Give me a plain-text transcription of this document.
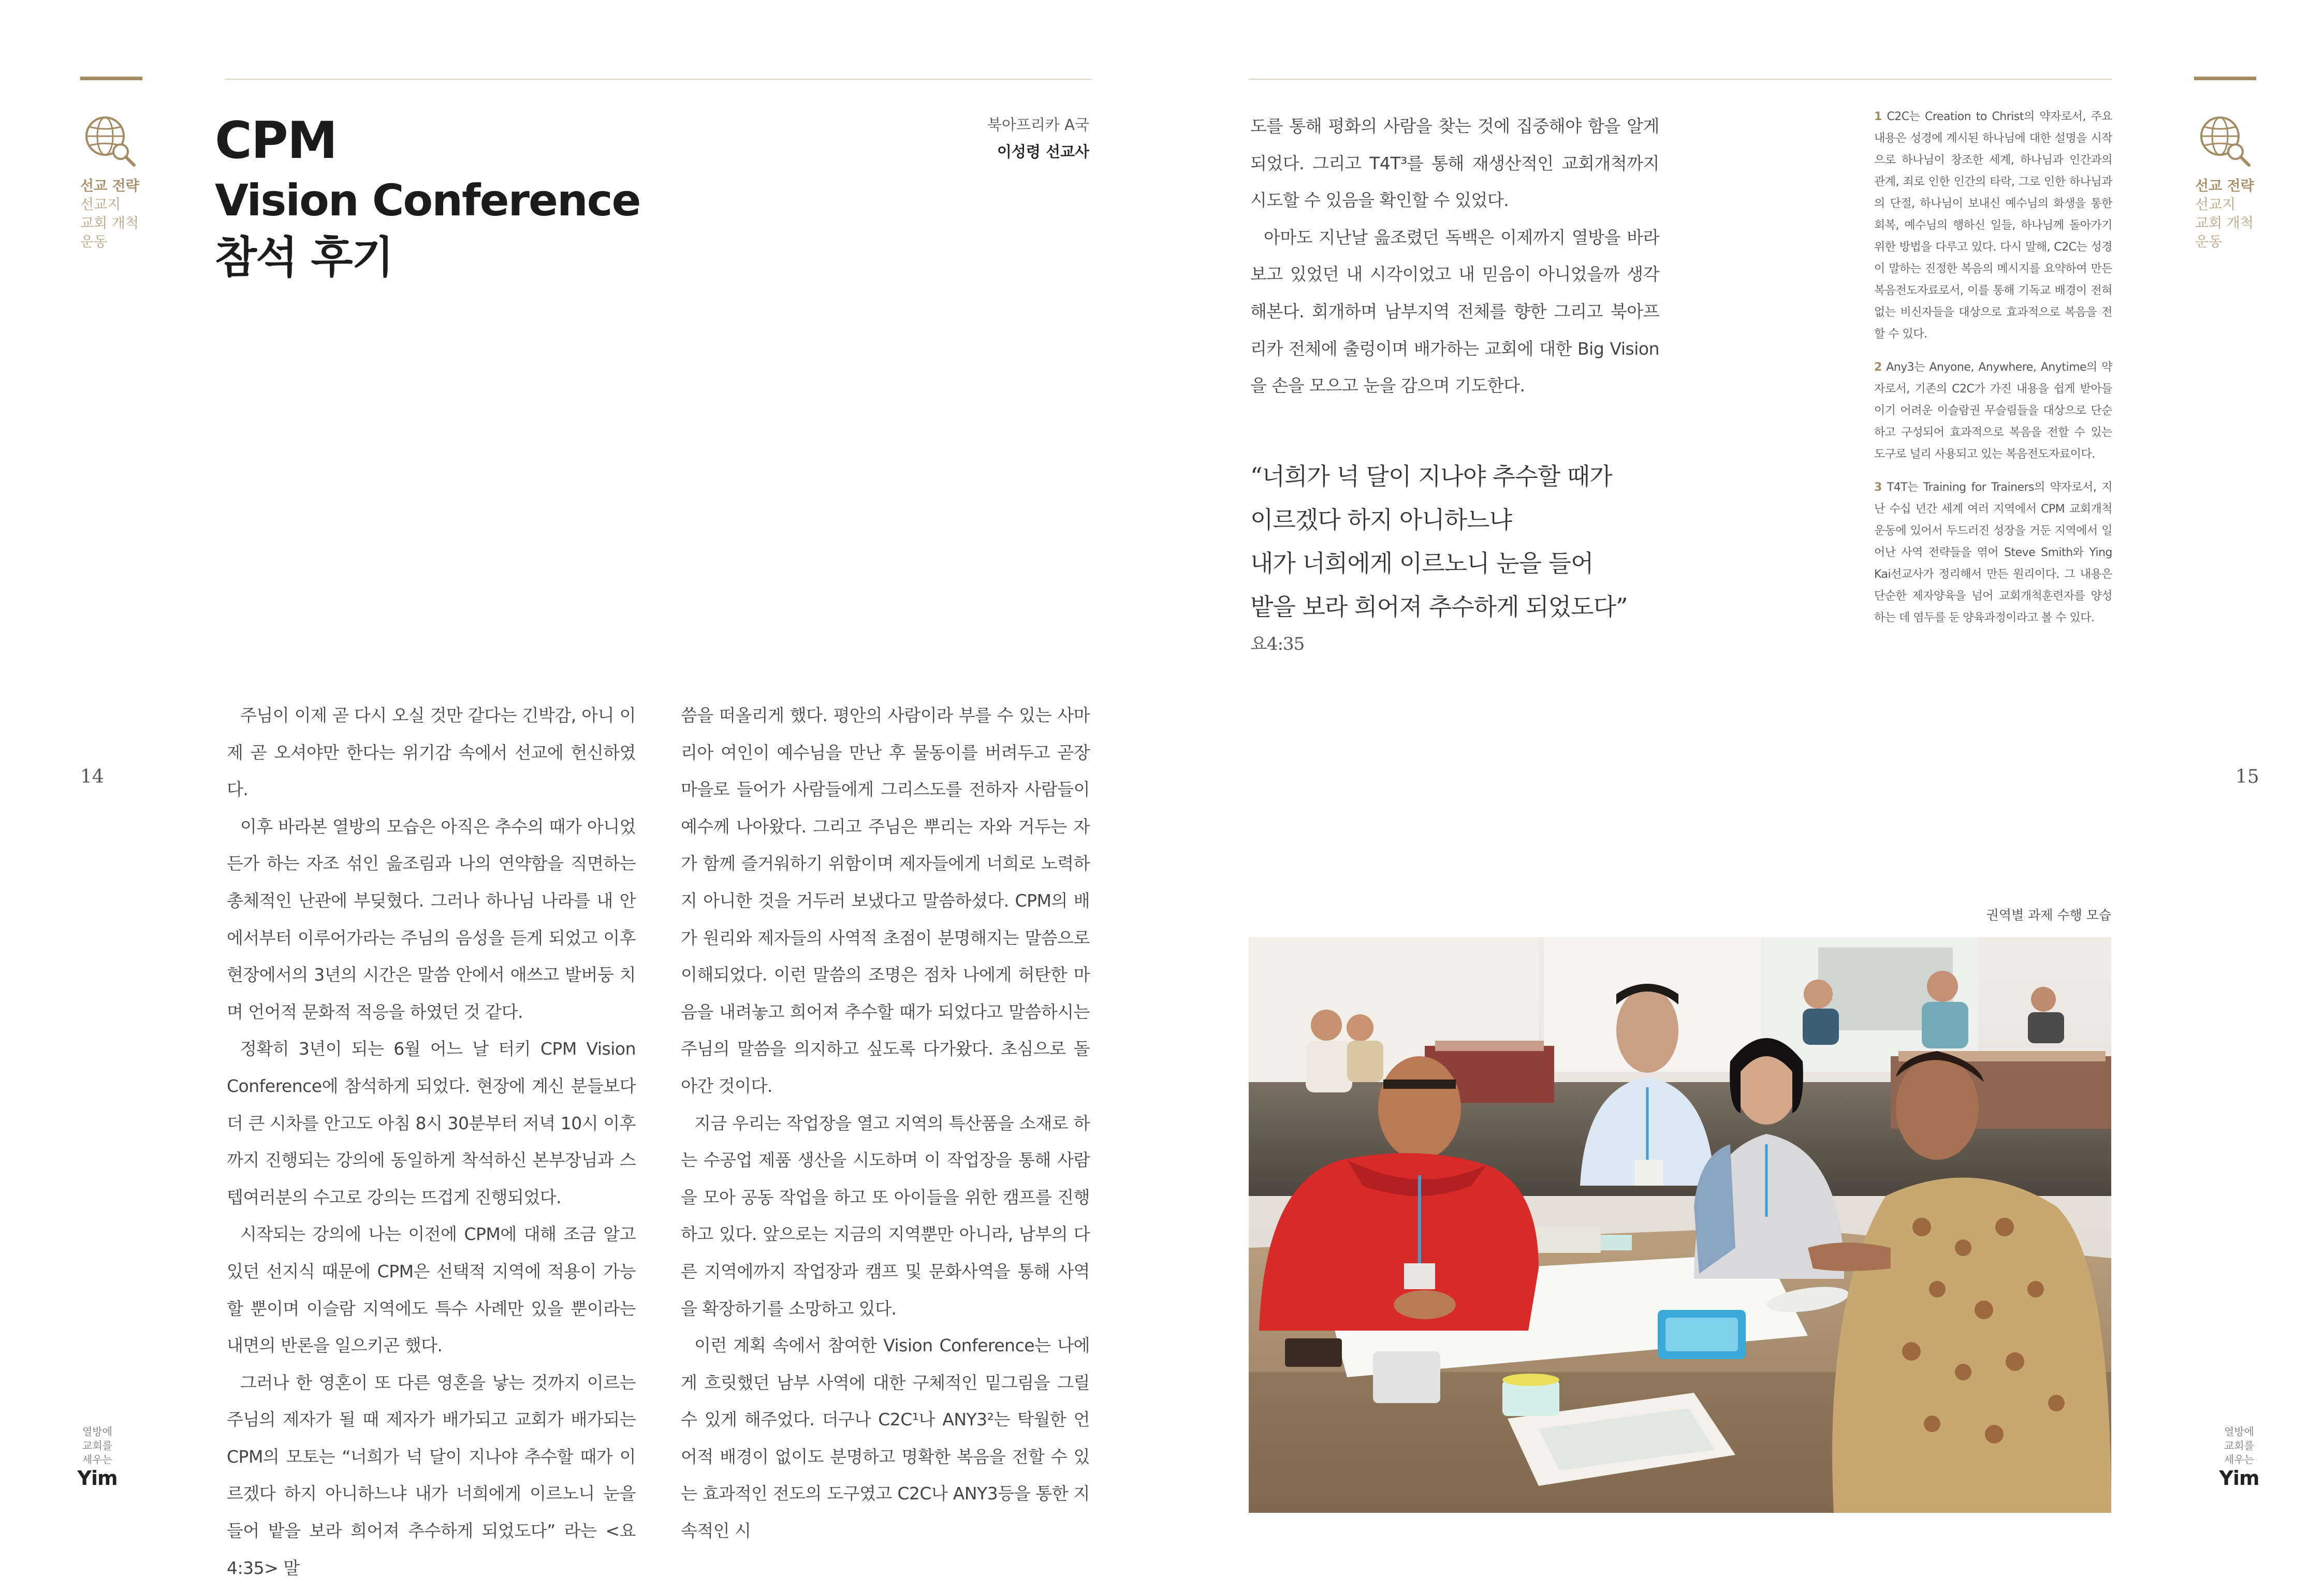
선교 전략
선교지
교회 개척
운동
CPM
Vision Conference
참석 후기
북아프리카 A국
이성령 선교사
14

주님이 이제 곧 다시 오실 것만 같다는 긴박감, 아니 이제 곧 오셔야만 한다는 위기감 속에서 선교에 헌신하였다.

이후 바라본 열방의 모습은 아직은 추수의 때가 아니었든가 하는 자조 섞인 읊조림과 나의 연약함을 직면하는 총체적인 난관에 부딪혔다. 그러나 하나님 나라를 내 안에서부터 이루어가라는 주님의 음성을 듣게 되었고 이후 현장에서의 3년의 시간은 말씀 안에서 애쓰고 발버둥 치며 언어적 문화적 적응을 하였던 것 같다.

정확히 3년이 되는 6월 어느 날 터키 CPM Vision Conference에 참석하게 되었다. 현장에 계신 분들보다 더 큰 시차를 안고도 아침 8시 30분부터 저녁 10시 이후까지 진행되는 강의에 동일하게 착석하신 본부장님과 스텝여러분의 수고로 강의는 뜨겁게 진행되었다.

시작되는 강의에 나는 이전에 CPM에 대해 조금 알고 있던 선지식 때문에 CPM은 선택적 지역에 적용이 가능할 뿐이며 이슬람 지역에도 특수 사례만 있을 뿐이라는 내면의 반론을 일으키곤 했다.

그러나 한 영혼이 또 다른 영혼을 낳는 것까지 이르는 주님의 제자가 될 때 제자가 배가되고 교회가 배가되는 CPM의 모토는 “너희가 넉 달이 지나야 추수할 때가 이르겠다 하지 아니하느냐 내가 너희에게 이르노니 눈을 들어 밭을 보라 희어져 추수하게 되었도다” 라는 <요4:35> 말

씀을 떠올리게 했다. 평안의 사람이라 부를 수 있는 사마리아 여인이 예수님을 만난 후 물동이를 버려두고 곧장 마을로 들어가 사람들에게 그리스도를 전하자 사람들이 예수께 나아왔다. 그리고 주님은 뿌리는 자와 거두는 자가 함께 즐거워하기 위함이며 제자들에게 너희로 노력하지 아니한 것을 거두러 보냈다고 말씀하셨다. CPM의 배가 원리와 제자들의 사역적 초점이 분명해지는 말씀으로 이해되었다. 이런 말씀의 조명은 점차 나에게 허탄한 마음을 내려놓고 희어져 추수할 때가 되었다고 말씀하시는 주님의 말씀을 의지하고 싶도록 다가왔다. 초심으로 돌아간 것이다.

지금 우리는 작업장을 열고 지역의 특산품을 소재로 하는 수공업 제품 생산을 시도하며 이 작업장을 통해 사람을 모아 공동 작업을 하고 또 아이들을 위한 캠프를 진행하고 있다. 앞으로는 지금의 지역뿐만 아니라, 남부의 다른 지역에까지 작업장과 캠프 및 문화사역을 통해 사역을 확장하기를 소망하고 있다.

이런 계획 속에서 참여한 Vision Conference는 나에게 흐릿했던 남부 사역에 대한 구체적인 밑그림을 그릴 수 있게 해주었다. 더구나 C2C¹나 ANY3²는 탁월한 언어적 배경이 없이도 분명하고 명확한 복음을 전할 수 있는 효과적인 전도의 도구였고 C2C나 ANY3등을 통한 지속적인 시

열방에
교회를
세우는
Yim
선교 전략
선교지
교회 개척
운동
15

도를 통해 평화의 사람을 찾는 것에 집중해야 함을 알게 되었다. 그리고 T4T³를 통해 재생산적인 교회개척까지 시도할 수 있음을 확인할 수 있었다.

아마도 지난날 읊조렸던 독백은 이제까지 열방을 바라보고 있었던 내 시각이었고 내 믿음이 아니었을까 생각해본다. 회개하며 남부지역 전체를 향한 그리고 북아프리카 전체에 출렁이며 배가하는 교회에 대한 Big Vision을 손을 모으고 눈을 감으며 기도한다.

“너희가 넉 달이 지나야 추수할 때가
이르겠다 하지 아니하느냐
내가 너희에게 이르노니 눈을 들어
밭을 보라 희어져 추수하게 되었도다”
요4:35

1 C2C는 Creation to Christ의 약자로서, 주요 내용은 성경에 계시된 하나님에 대한 설명을 시작으로 하나님이 창조한 세계, 하나님과 인간과의 관계, 죄로 인한 인간의 타락, 그로 인한 하나님과의 단절, 하나님이 보내신 예수님의 화생을 통한 회복, 예수님의 행하신 일들, 하나님께 돌아가기 위한 방법을 다루고 있다. 다시 말해, C2C는 성경이 말하는 진정한 복음의 메시지를 요약하여 만든 복음전도자료로서, 이를 통해 기독교 배경이 전혀 없는 비신자들을 대상으로 효과적으로 복음을 전할 수 있다.

2 Any3는 Anyone, Anywhere, Anytime의 약자로서, 기존의 C2C가 가진 내용을 쉽게 받아들이기 어려운 이슬람권 무슬림들을 대상으로 단순하고 구성되어 효과적으로 복음을 전할 수 있는 도구로 널리 사용되고 있는 복음전도자료이다.

3 T4T는 Training for Trainers의 약자로서, 지난 수십 년간 세계 여러 지역에서 CPM 교회개척운동에 있어서 두드러진 성장을 거둔 지역에서 일어난 사역 전략들을 엮어 Steve Smith와 Ying Kai선교사가 정리해서 만든 원리이다. 그 내용은 단순한 제자양육을 넘어 교회개척훈련자를 양성하는 데 염두를 둔 양육과정이라고 볼 수 있다.

권역별 과제 수행 모습
열방에
교회를
세우는
Yim
